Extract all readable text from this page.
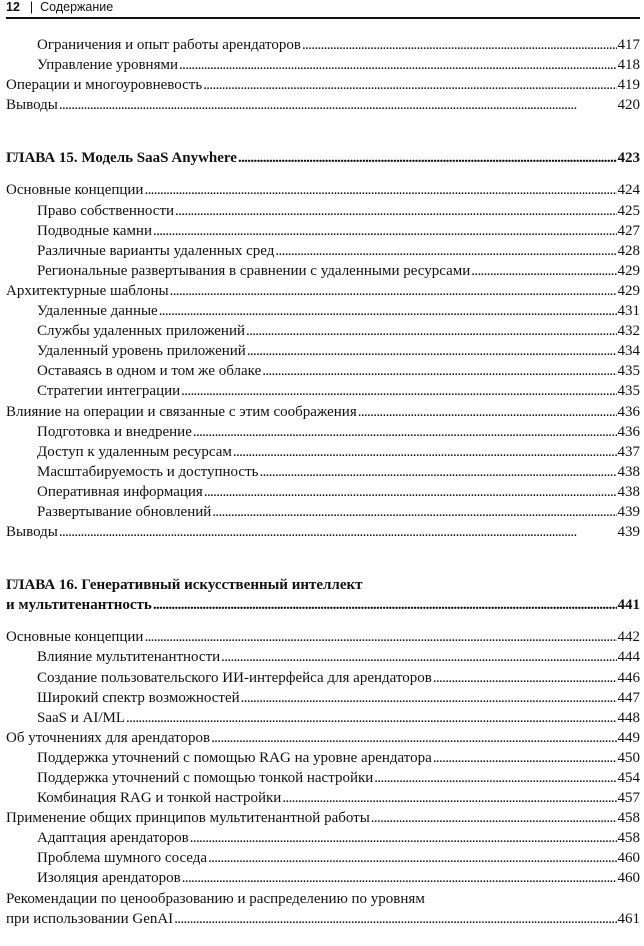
12 | Содержание
Ограничения и опыт работы арендаторов . . .	417
Управление уровнями . . .	418
Операции и многоуровневость . . .	419
Выводы . . .	420
ГЛАВА 15. Модель SaaS Anywhere . . .	423
Основные концепции . . .	424
Право собственности . . .	425
Подводные камни . . .	427
Различные варианты удаленных сред . . .	428
Региональные развертывания в сравнении с удаленными ресурсами . . .	429
Архитектурные шаблоны . . .	429
Удаленные данные . . .	431
Службы удаленных приложений . . .	432
Удаленный уровень приложений . . .	434
Оставаясь в одном и том же облаке . . .	435
Стратегии интеграции . . .	435
Влияние на операции и связанные с этим соображения . . .	436
Подготовка и внедрение . . .	436
Доступ к удаленным ресурсам . . .	437
Масштабируемость и доступность . . .	438
Оперативная информация . . .	438
Развертывание обновлений . . .	439
Выводы . . .	439
ГЛАВА 16. Генеративный искусственный интеллект
и мультитенантность . . .	441
Основные концепции . . .	442
Влияние мультитенантности . . .	444
Создание пользовательского ИИ-интерфейса для арендаторов . . .	446
Широкий спектр возможностей . . .	447
SaaS и AI/ML . . .	448
Об уточнениях для арендаторов . . .	449
Поддержка уточнений с помощью RAG на уровне арендатора . . .	450
Поддержка уточнений с помощью тонкой настройки . . .	454
Комбинация RAG и тонкой настройки . . .	457
Применение общих принципов мультитенантной работы . . .	458
Адаптация арендаторов . . .	458
Проблема шумного соседа . . .	460
Изоляция арендаторов . . .	460
Рекомендации по ценообразованию и распределению по уровням
при использовании GenAI . . .	461
